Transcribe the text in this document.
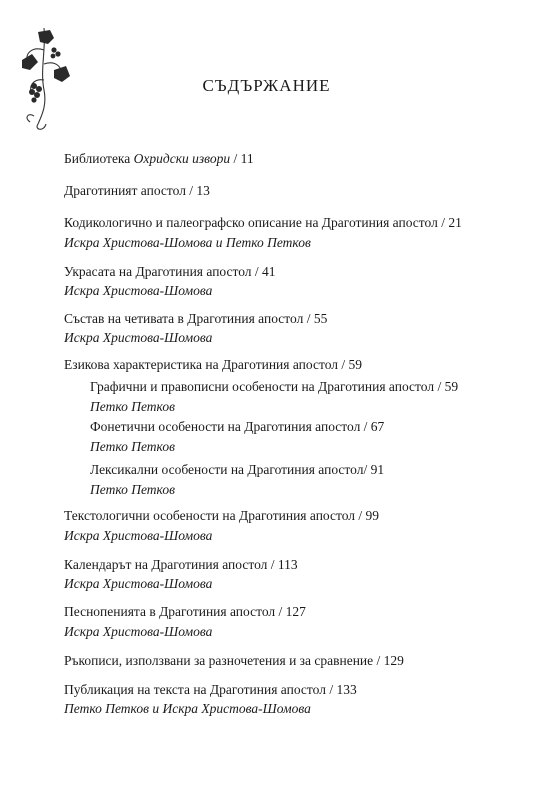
СЪДЪРЖАНИЕ
Библиотека Охридски извори / 11
Драготиният апостол / 13
Кодикологично и палеографско описание на Драготиния апостол / 21
Искра Христова-Шомова и Петко Петков
Украсата на Драготиния апостол / 41
Искра Христова-Шомова
Състав на четивата в Драготиния апостол / 55
Искра Христова-Шомова
Езикова характеристика на Драготиния апостол / 59
Графични и правописни особености на Драготиния апостол / 59
Петко Петков
Фонетични особености на Драготиния апостол / 67
Петко Петков
Лексикални особености на Драготиния апостол/ 91
Петко Петков
Текстологични особености на Драготиния апостол / 99
Искра Христова-Шомова
Календарът на Драготиния апостол / 113
Искра Христова-Шомова
Песнопенията в Драготиния апостол / 127
Искра Христова-Шомова
Ръкописи, използвани за разночетения и за сравнение / 129
Публикация на текста на Драготиния апостол / 133
Петко Петков и Искра Христова-Шомова
